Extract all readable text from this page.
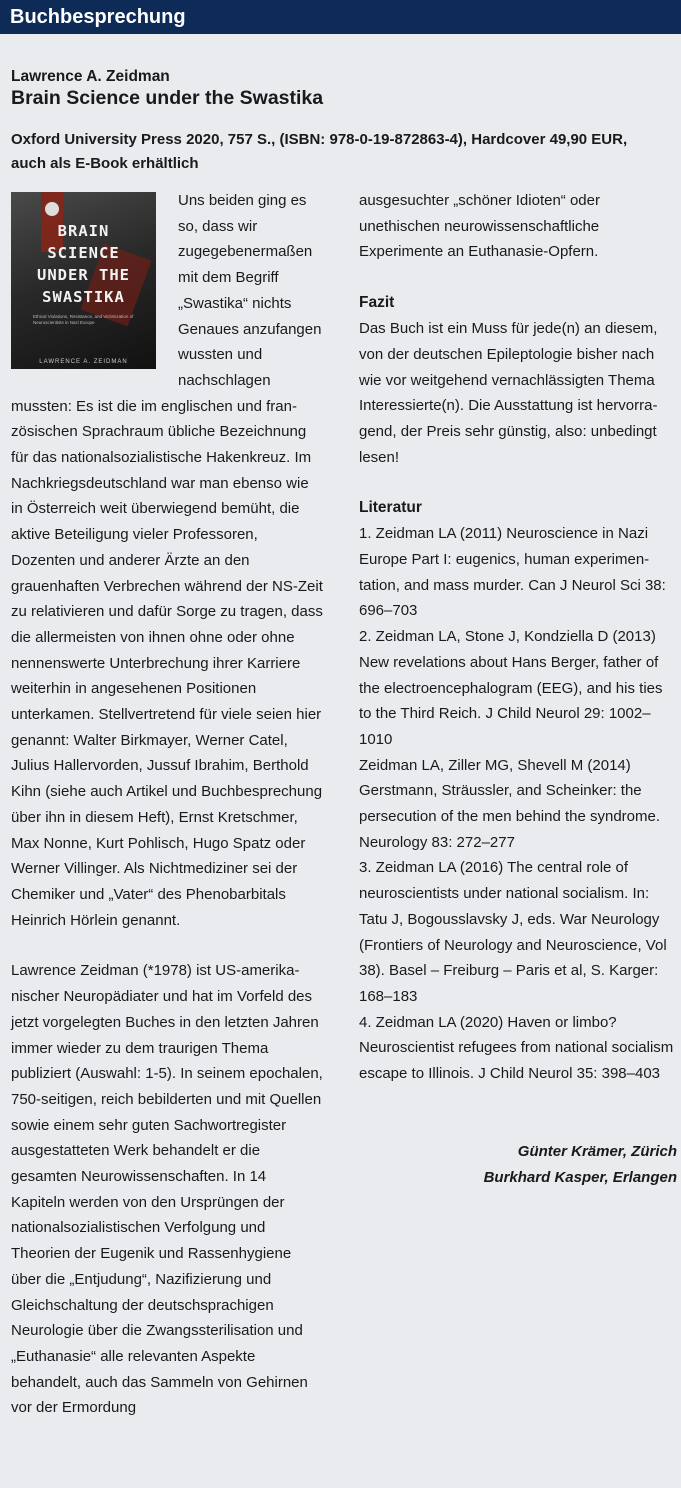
Buchbesprechung
Lawrence A. Zeidman
Brain Science under the Swastika
Oxford University Press 2020, 757 S., (ISBN: 978-0-19-872863-4), Hardcover 49,90 EUR, auch als E-Book erhältlich
BRAIN
SCIENCE
UNDER THE
SWASTIKA
Ethical Violations, Resistance, and Victimization of Neuroscientists in Nazi Europe
LAWRENCE A. ZEIDMAN

Uns beiden ging es so, dass wir zugegebenermaßen mit dem Begriff „Swastika“ nichts Genaues anzufangen wussten und nachschlagen mussten: Es ist die im englischen und französischen Sprachraum übliche Bezeichnung für das nationalsozialistische Hakenkreuz. Im Nachkriegsdeutschland war man ebenso wie in Österreich weit überwiegend bemüht, die aktive Beteiligung vieler Professoren, Dozenten und anderer Ärzte an den grauenhaften Verbrechen während der NS-Zeit zu relativieren und dafür Sorge zu tragen, dass die allermeisten von ihnen ohne oder ohne nennenswerte Unterbrechung ihrer Karriere weiterhin in angesehenen Positionen unterkamen. Stellvertretend für viele seien hier genannt: Walter Birkmayer, Werner Catel, Julius Hallervorden, Jussuf Ibrahim, Berthold Kihn (siehe auch Artikel und Buchbesprechung über ihn in diesem Heft), Ernst Kretschmer, Max Nonne, Kurt Pohlisch, Hugo Spatz oder Werner Villinger. Als Nichtmediziner sei der Chemiker und „Vater“ des Phenobarbitals Heinrich Hörlein genannt.

Lawrence Zeidman (*1978) ist US-amerikanischer Neuropädiater und hat im Vorfeld des jetzt vorgelegten Buches in den letzten Jahren immer wieder zu dem traurigen Thema publiziert (Auswahl: 1-5). In seinem epochalen, 750-seitigen, reich bebilderten und mit Quellen sowie einem sehr guten Sachwortregister ausgestatteten Werk behandelt er die gesamten Neurowissenschaften. In 14 Kapiteln werden von den Ursprüngen der nationalsozialistischen Verfolgung und Theorien der Eugenik und Rassenhygiene über die „Entjudung“, Nazifizierung und Gleichschaltung der deutschsprachigen Neurologie über die Zwangssterilisation und „Euthanasie“ alle relevanten Aspekte behandelt, auch das Sammeln von Gehirnen vor der Ermordung

ausgesuchter „schöner Idioten“ oder unethischen neurowissenschaftliche Experimente an Euthanasie-Opfern.

Fazit

Das Buch ist ein Muss für jede(n) an diesem, von der deutschen Epileptologie bisher nach wie vor weitgehend vernachlässigten Thema Interessierte(n). Die Ausstattung ist hervorragend, der Preis sehr günstig, also: unbedingt lesen!

Literatur

1. Zeidman LA (2011) Neuroscience in Nazi Europe Part I: eugenics, human experimentation, and mass murder. Can J Neurol Sci 38: 696–703

2. Zeidman LA, Stone J, Kondziella D (2013) New revelations about Hans Berger, father of the electroencephalogram (EEG), and his ties to the Third Reich. J Child Neurol 29: 1002–1010

Zeidman LA, Ziller MG, Shevell M (2014) Gerstmann, Sträussler, and Scheinker: the persecution of the men behind the syndrome. Neurology 83: 272–277

3. Zeidman LA (2016) The central role of neuroscientists under national socialism. In: Tatu J, Bogousslavsky J, eds. War Neurology (Frontiers of Neurology and Neuroscience, Vol 38). Basel – Freiburg – Paris et al, S. Karger: 168–183

4. Zeidman LA (2020) Haven or limbo? Neuroscientist refugees from national socialism escape to Illinois. J Child Neurol 35: 398–403

Günter Krämer, Zürich
Burkhard Kasper, Erlangen
